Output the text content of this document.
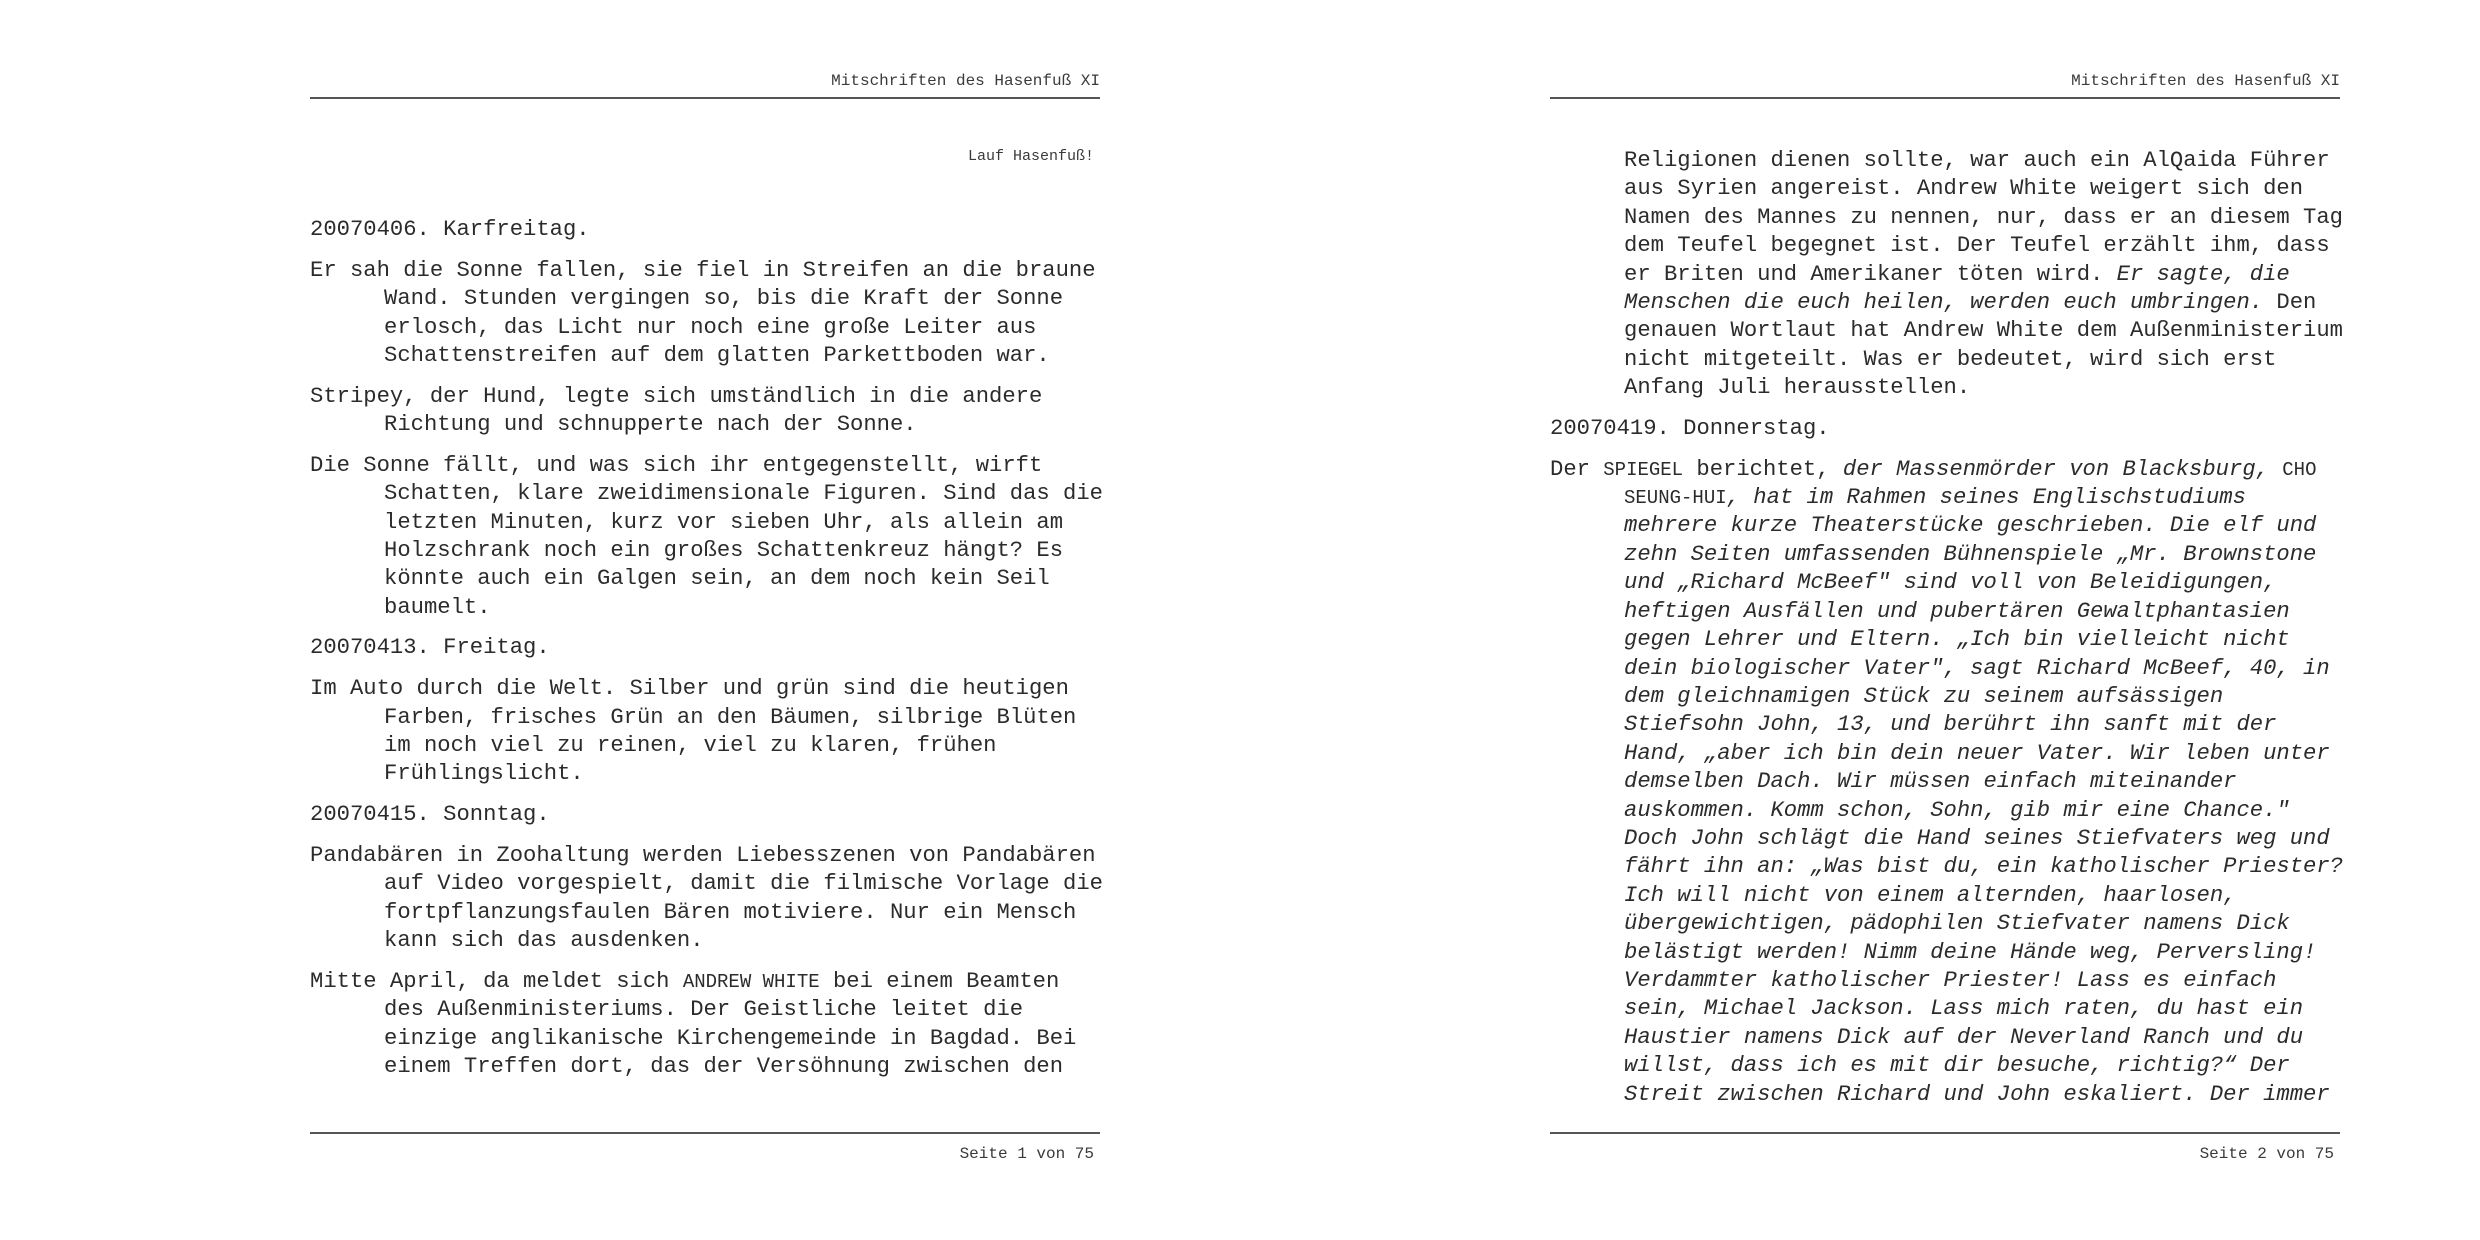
Mitschriften des Hasenfuß XI
Lauf Hasenfuß!

20070406. Karfreitag.

Er sah die Sonne fallen, sie fiel in Streifen an die braune Wand. Stunden vergingen so, bis die Kraft der Sonne erlosch, das Licht nur noch eine große Leiter aus Schattenstreifen auf dem glatten Parkettboden war.

Stripey, der Hund, legte sich umständlich in die andere Richtung und schnupperte nach der Sonne.

Die Sonne fällt, und was sich ihr entgegenstellt, wirft Schatten, klare zweidimensionale Figuren. Sind das die letzten Minuten, kurz vor sieben Uhr, als allein am Holzschrank noch ein großes Schattenkreuz hängt? Es könnte auch ein Galgen sein, an dem noch kein Seil baumelt.

20070413. Freitag.

Im Auto durch die Welt. Silber und grün sind die heutigen Farben, frisches Grün an den Bäumen, silbrige Blüten im noch viel zu reinen, viel zu klaren, frühen Frühlingslicht.

20070415. Sonntag.

Pandabären in Zoohaltung werden Liebesszenen von Pandabären auf Video vorgespielt, damit die filmische Vorlage die fortpflanzungsfaulen Bären motiviere. Nur ein Mensch kann sich das ausdenken.

Mitte April, da meldet sich ANDREW WHITE bei einem Beamten des Außenministeriums. Der Geistliche leitet die einzige anglikanische Kirchengemeinde in Bagdad. Bei einem Treffen dort, das der Versöhnung zwischen den

Seite 1 von 75
Mitschriften des Hasenfuß XI

Religionen dienen sollte, war auch ein AlQaida Führer aus Syrien angereist. Andrew White weigert sich den Namen des Mannes zu nennen, nur, dass er an diesem Tag dem Teufel begegnet ist. Der Teufel erzählt ihm, dass er Briten und Amerikaner töten wird. Er sagte, die Menschen die euch heilen, werden euch umbringen. Den genauen Wortlaut hat Andrew White dem Außenministerium nicht mitgeteilt. Was er bedeutet, wird sich erst Anfang Juli herausstellen.

20070419. Donnerstag.

Der SPIEGEL berichtet, der Massenmörder von Blacksburg, CHO SEUNG-HUI, hat im Rahmen seines Englischstudiums mehrere kurze Theaterstücke geschrieben. Die elf und zehn Seiten umfassenden Bühnenspiele „Mr. Brownstone und „Richard McBeef" sind voll von Beleidigungen, heftigen Ausfällen und pubertären Gewaltphantasien gegen Lehrer und Eltern. „Ich bin vielleicht nicht dein biologischer Vater", sagt Richard McBeef, 40, in dem gleichnamigen Stück zu seinem aufsässigen Stiefsohn John, 13, und berührt ihn sanft mit der Hand, „aber ich bin dein neuer Vater. Wir leben unter demselben Dach. Wir müssen einfach miteinander auskommen. Komm schon, Sohn, gib mir eine Chance." Doch John schlägt die Hand seines Stiefvaters weg und fährt ihn an: „Was bist du, ein katholischer Priester? Ich will nicht von einem alternden, haarlosen, übergewichtigen, pädophilen Stiefvater namens Dick belästigt werden! Nimm deine Hände weg, Perversling! Verdammter katholischer Priester! Lass es einfach sein, Michael Jackson. Lass mich raten, du hast ein Haustier namens Dick auf der Neverland Ranch und du willst, dass ich es mit dir besuche, richtig?“ Der Streit zwischen Richard und John eskaliert. Der immer

Seite 2 von 75
